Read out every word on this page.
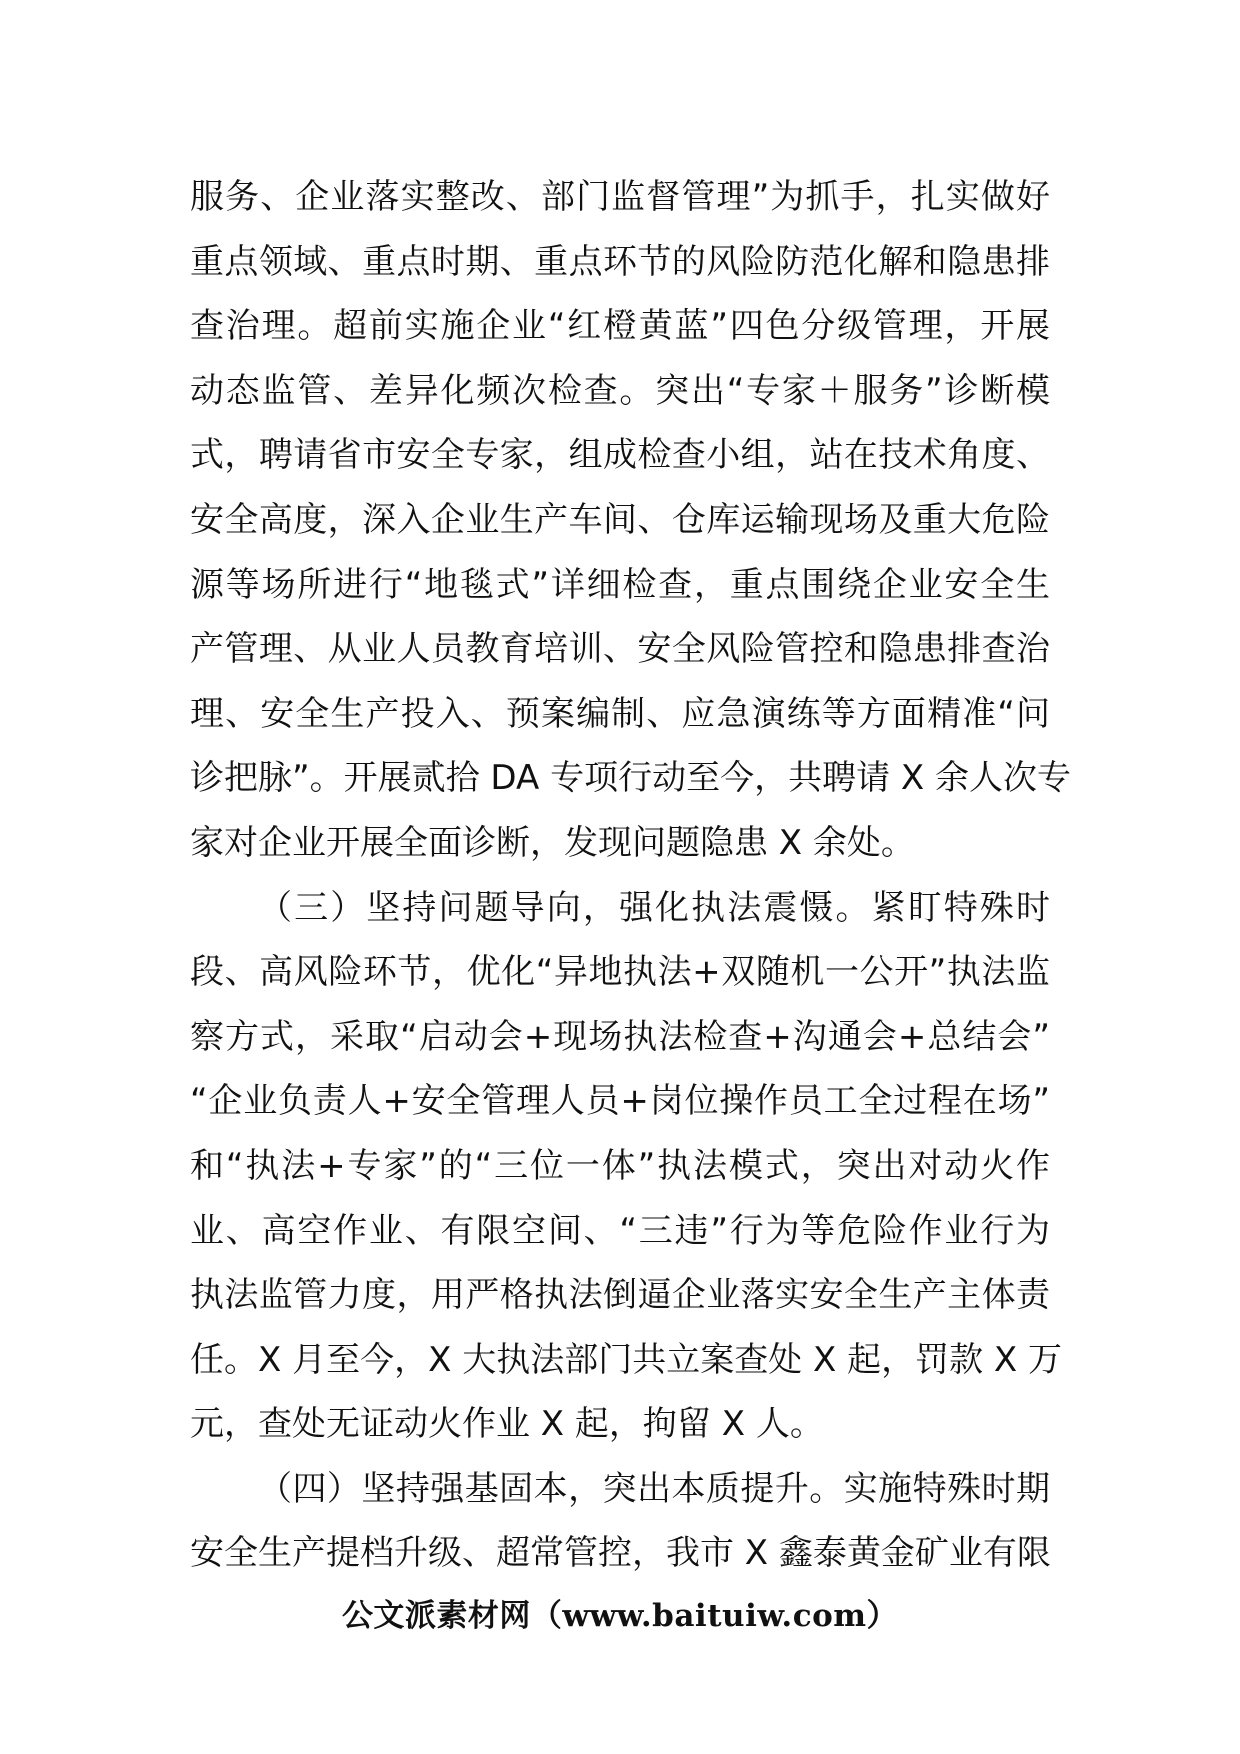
服务、企业落实整改、部门监督管理”为抓手，扎实做好
重点领域、重点时期、重点环节的风险防范化解和隐患排
查治理。超前实施企业“红橙黄蓝”四色分级管理，开展
动态监管、差异化频次检查。突出“专家＋服务”诊断模
式，聘请省市安全专家，组成检查小组，站在技术角度、
安全高度，深入企业生产车间、仓库运输现场及重大危险
源等场所进行“地毯式”详细检查，重点围绕企业安全生
产管理、从业人员教育培训、安全风险管控和隐患排查治
理、安全生产投入、预案编制、应急演练等方面精准“问
诊把脉”。开展贰拾 DA 专项行动至今，共聘请 X 余人次专
家对企业开展全面诊断，发现问题隐患 X 余处。
（三）坚持问题导向，强化执法震慑。紧盯特殊时
段、高风险环节，优化“异地执法+双随机一公开”执法监
察方式，采取“启动会+现场执法检查+沟通会+总结会”
“企业负责人+安全管理人员+岗位操作员工全过程在场”
和“执法+专家”的“三位一体”执法模式，突出对动火作
业、高空作业、有限空间、“三违”行为等危险作业行为
执法监管力度，用严格执法倒逼企业落实安全生产主体责
任。X 月至今，X 大执法部门共立案查处 X 起，罚款 X 万
元，查处无证动火作业 X 起，拘留 X 人。
（四）坚持强基固本，突出本质提升。实施特殊时期
安全生产提档升级、超常管控，我市 X 鑫泰黄金矿业有限
公文派素材网（www.baituiw.com）
